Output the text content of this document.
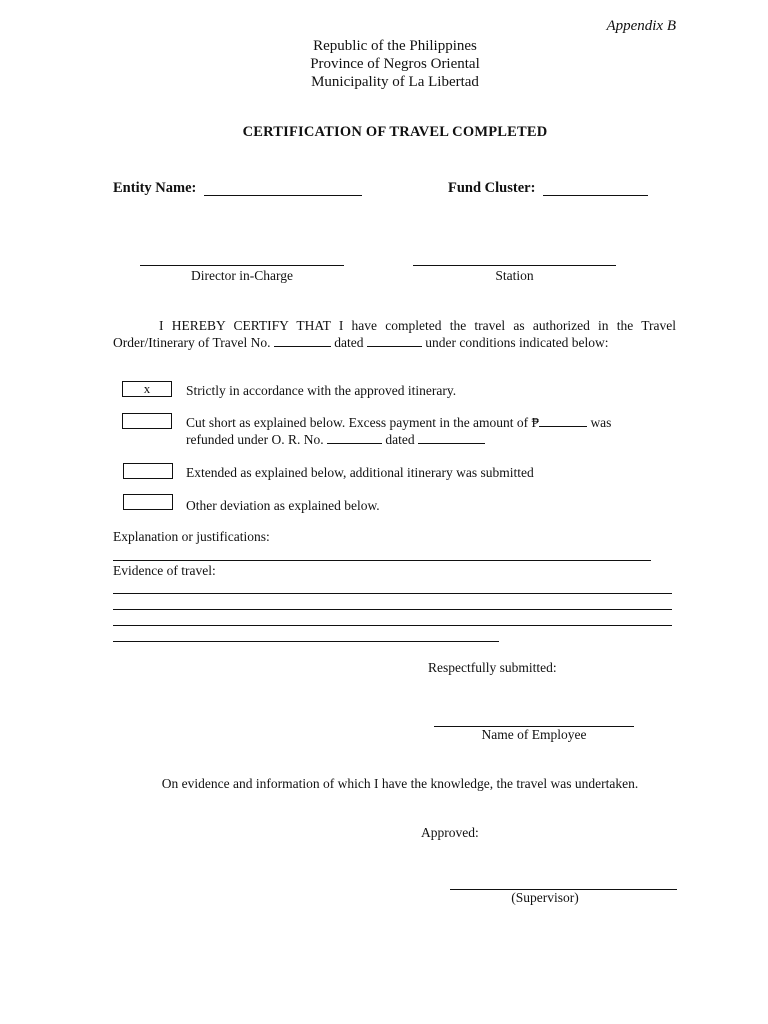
Appendix B
Republic of the Philippines
Province of Negros Oriental
Municipality of La Libertad
CERTIFICATION OF TRAVEL COMPLETED
Entity Name:	Fund Cluster:
Director in-Charge	Station
I HEREBY CERTIFY THAT I have completed the travel as authorized in the Travel
Order/Itinerary of Travel No.	dated	under conditions indicated below:
x	Strictly in accordance with the approved itinerary.
Cut short as explained below. Excess payment in the amount of ₱	was
refunded under O. R. No.	dated
Extended as explained below, additional itinerary was submitted
Other deviation as explained below.
Explanation or justifications:
Evidence of travel:
Respectfully submitted:
Name of Employee
On evidence and information of which I have the knowledge, the travel was undertaken.
Approved:
(Supervisor)
